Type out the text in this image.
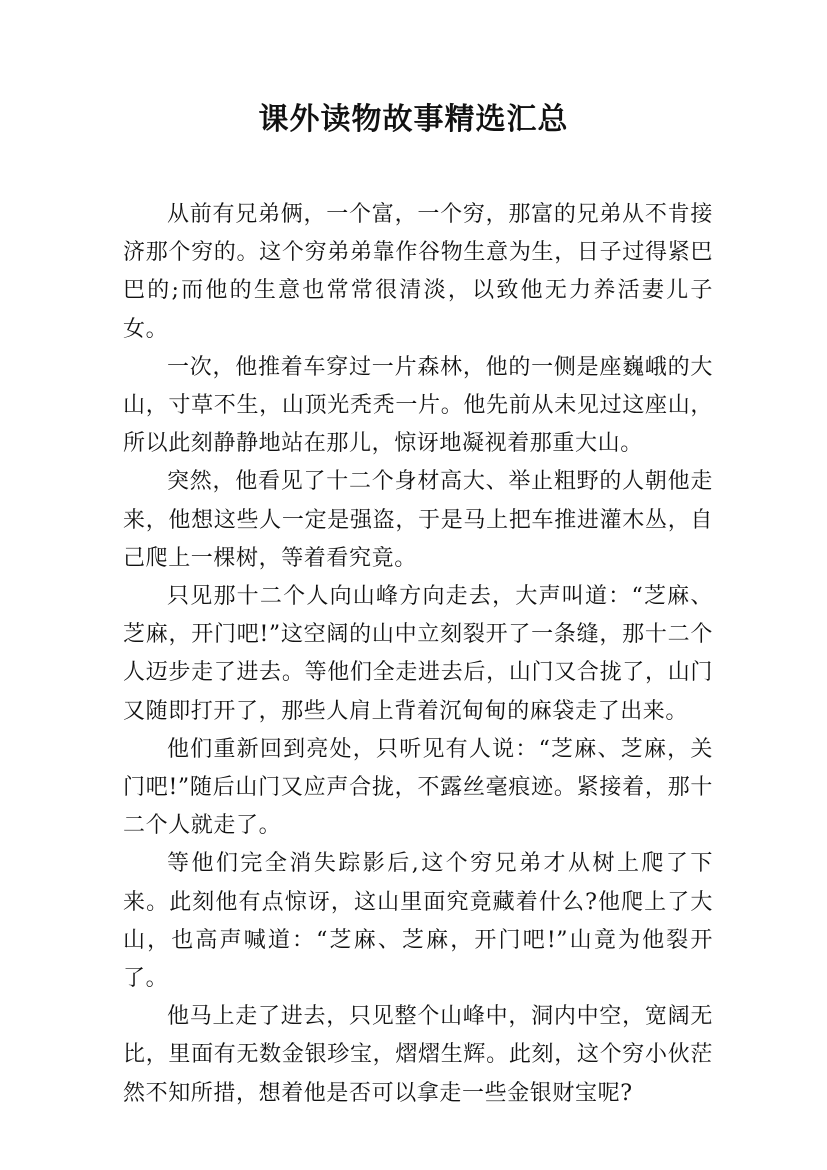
课外读物故事精选汇总

从前有兄弟俩，一个富，一个穷，那富的兄弟从不肯接济那个穷的。这个穷弟弟靠作谷物生意为生，日子过得紧巴巴的;而他的生意也常常很清淡，以致他无力养活妻儿子女。

一次，他推着车穿过一片森林，他的一侧是座巍峨的大山，寸草不生，山顶光秃秃一片。他先前从未见过这座山，所以此刻静静地站在那儿，惊讶地凝视着那重大山。

突然，他看见了十二个身材高大、举止粗野的人朝他走来，他想这些人一定是强盗，于是马上把车推进灌木丛，自己爬上一棵树，等着看究竟。

只见那十二个人向山峰方向走去，大声叫道：“芝麻、芝麻，开门吧!”这空阔的山中立刻裂开了一条缝，那十二个人迈步走了进去。等他们全走进去后，山门又合拢了，山门又随即打开了，那些人肩上背着沉甸甸的麻袋走了出来。

他们重新回到亮处，只听见有人说：“芝麻、芝麻，关门吧!”随后山门又应声合拢，不露丝毫痕迹。紧接着，那十二个人就走了。

等他们完全消失踪影后,这个穷兄弟才从树上爬了下来。此刻他有点惊讶，这山里面究竟藏着什么?他爬上了大山，也高声喊道：“芝麻、芝麻，开门吧!”山竟为他裂开了。

他马上走了进去，只见整个山峰中，洞内中空，宽阔无比，里面有无数金银珍宝，熠熠生辉。此刻，这个穷小伙茫然不知所措，想着他是否可以拿走一些金银财宝呢?
